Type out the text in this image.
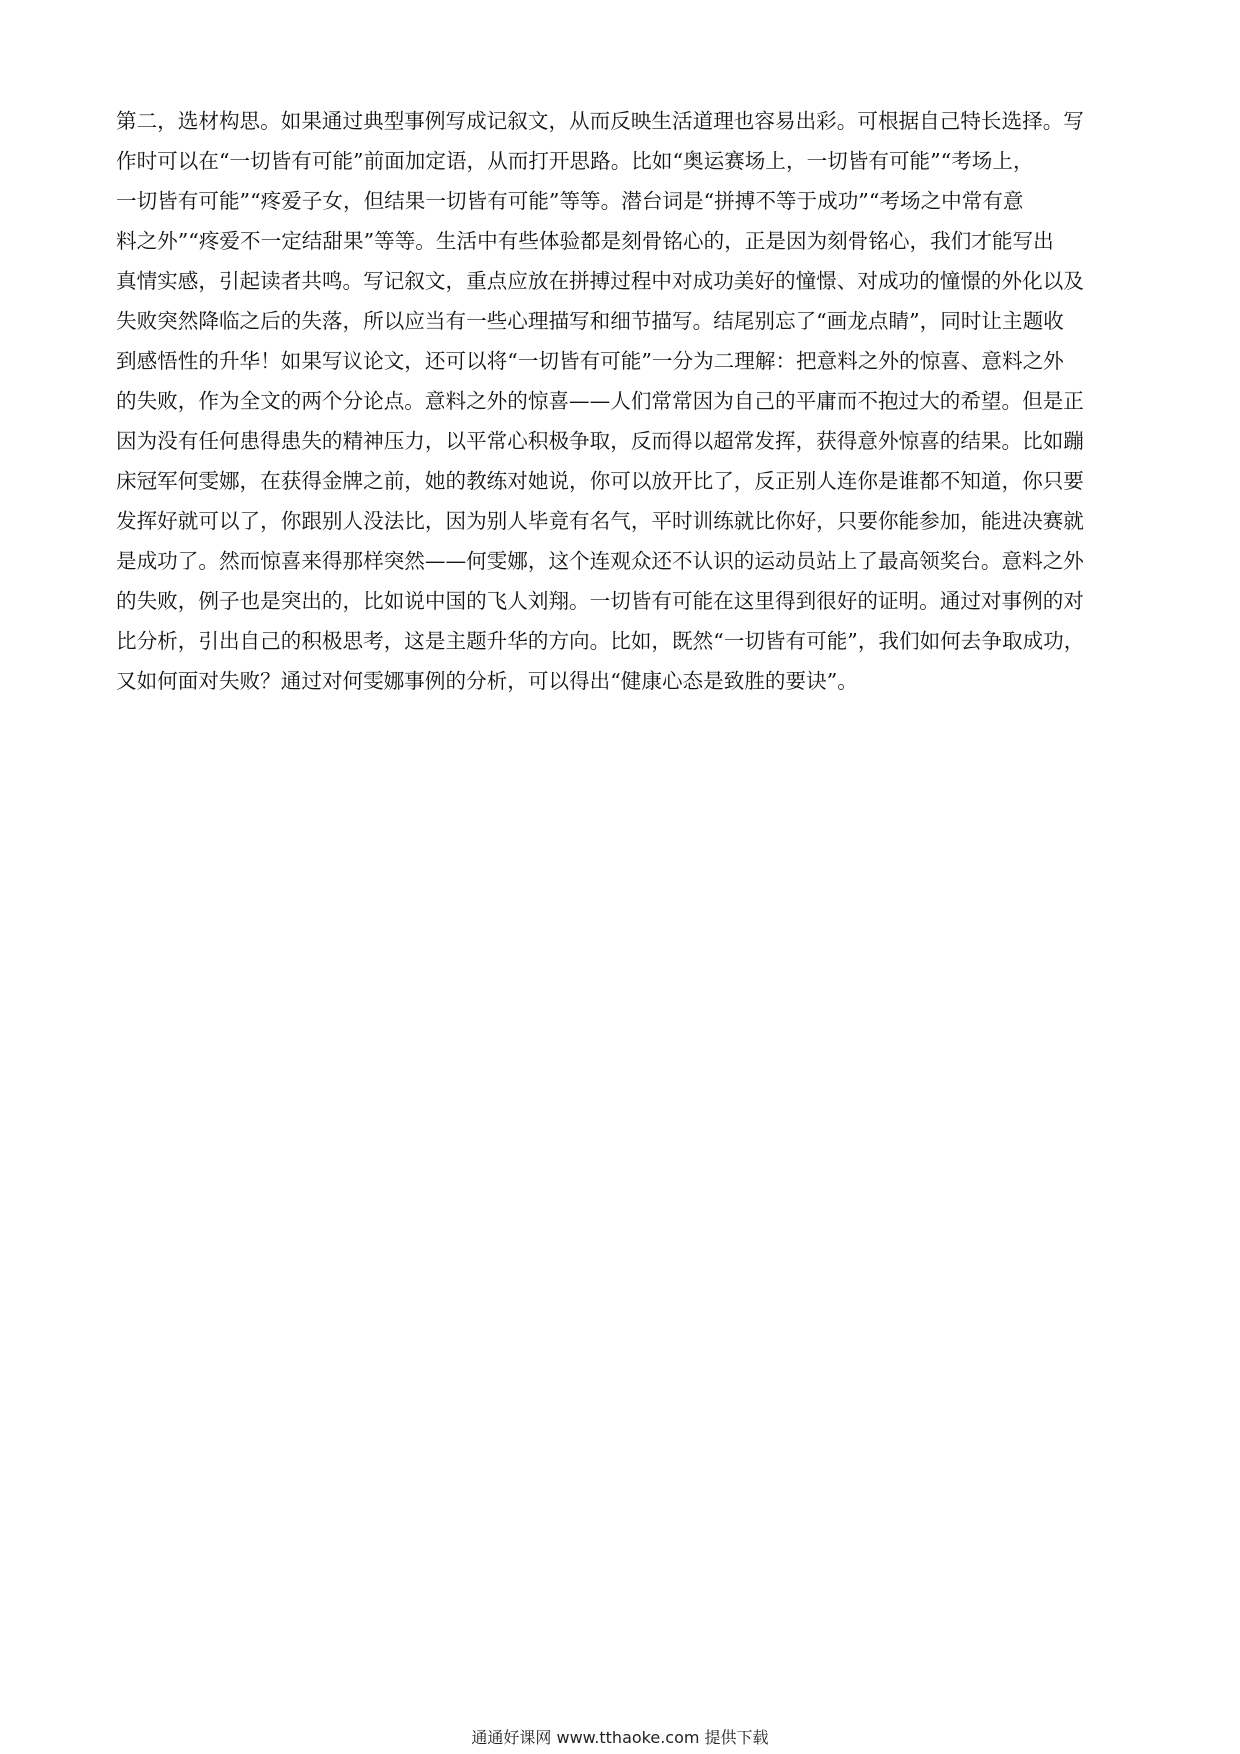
第二，选材构思。如果通过典型事例写成记叙文，从而反映生活道理也容易出彩。可根据自己特长选择。写
作时可以在“一切皆有可能”前面加定语，从而打开思路。比如“奥运赛场上，一切皆有可能”“考场上，
一切皆有可能”“疼爱子女，但结果一切皆有可能”等等。潜台词是“拼搏不等于成功”“考场之中常有意
料之外”“疼爱不一定结甜果”等等。生活中有些体验都是刻骨铭心的，正是因为刻骨铭心，我们才能写出
真情实感，引起读者共鸣。写记叙文，重点应放在拼搏过程中对成功美好的憧憬、对成功的憧憬的外化以及
失败突然降临之后的失落，所以应当有一些心理描写和细节描写。结尾别忘了“画龙点睛”，同时让主题收
到感悟性的升华！如果写议论文，还可以将“一切皆有可能”一分为二理解：把意料之外的惊喜、意料之外
的失败，作为全文的两个分论点。意料之外的惊喜——人们常常因为自己的平庸而不抱过大的希望。但是正
因为没有任何患得患失的精神压力，以平常心积极争取，反而得以超常发挥，获得意外惊喜的结果。比如蹦
床冠军何雯娜，在获得金牌之前，她的教练对她说，你可以放开比了，反正别人连你是谁都不知道，你只要
发挥好就可以了，你跟别人没法比，因为别人毕竟有名气，平时训练就比你好，只要你能参加，能进决赛就
是成功了。然而惊喜来得那样突然——何雯娜，这个连观众还不认识的运动员站上了最高领奖台。意料之外
的失败，例子也是突出的，比如说中国的飞人刘翔。一切皆有可能在这里得到很好的证明。通过对事例的对
比分析，引出自己的积极思考，这是主题升华的方向。比如，既然“一切皆有可能”，我们如何去争取成功，
又如何面对失败？通过对何雯娜事例的分析，可以得出“健康心态是致胜的要诀”。
通通好课网 www.tthaoke.com 提供下载
